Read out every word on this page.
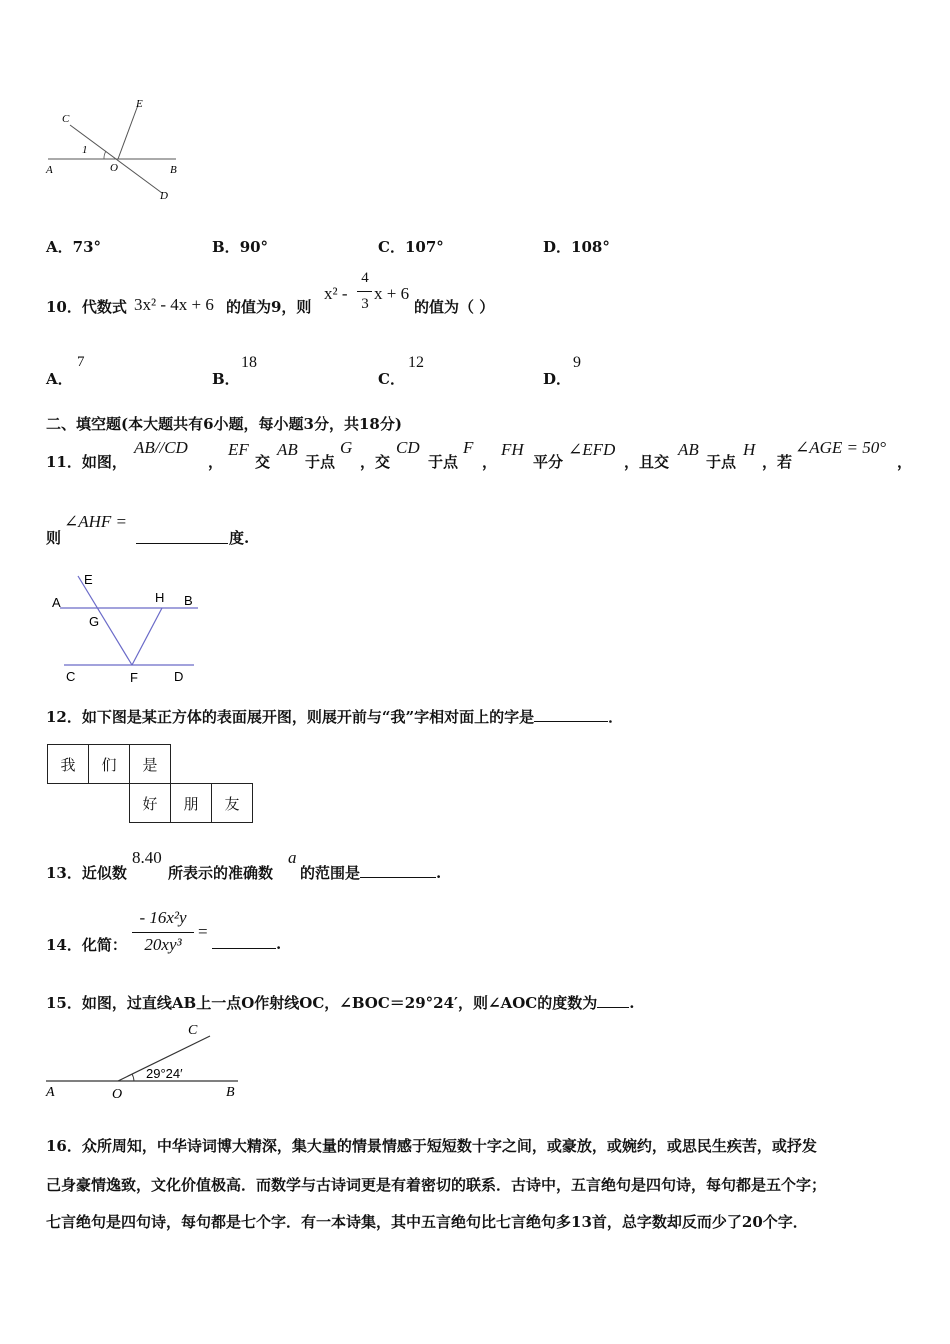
A	O	B
C
E
D
1
A．73°	B．90°	C．107°	D．108°
10．代数式 3x² - 4x + 6 的值为9，则
x² -
4
3
x + 6
的值为（ ）
A．
7
B．
18
C．
12
D．
9
二、填空题(本大题共有6小题，每小题3分，共18分)
11．如图，
AB//CD
，
EF
交
AB
于点
G
，交
CD
于点
F
，
FH
平分
∠EFD
，且交
AB
于点
H
，若
∠AGE = 50°
，
则
∠AHF =
度.
E
A	H B
G
C	F	D
12．如下图是某正方体的表面展开图，则展开前与“我”字相对面上的字是	．
我	们	是		
		好	朋	友
13．近似数
8.40
所表示的准确数
a
的范围是	.
14．化简：
- 16x²y
20xy³
=
.
15．如图，过直线AB上一点O作射线OC，∠BOC＝29°24′，则∠AOC的度数为 .
C
A	O	B
29°24′
16．众所周知，中华诗词博大精深，集大量的情景情感于短短数十字之间，或豪放，或婉约，或思民生疾苦，或抒发
己身豪情逸致，文化价值极高．而数学与古诗词更是有着密切的联系．古诗中，五言绝句是四句诗，每句都是五个字；
七言绝句是四句诗，每句都是七个字．有一本诗集，其中五言绝句比七言绝句多13首，总字数却反而少了20个字．
